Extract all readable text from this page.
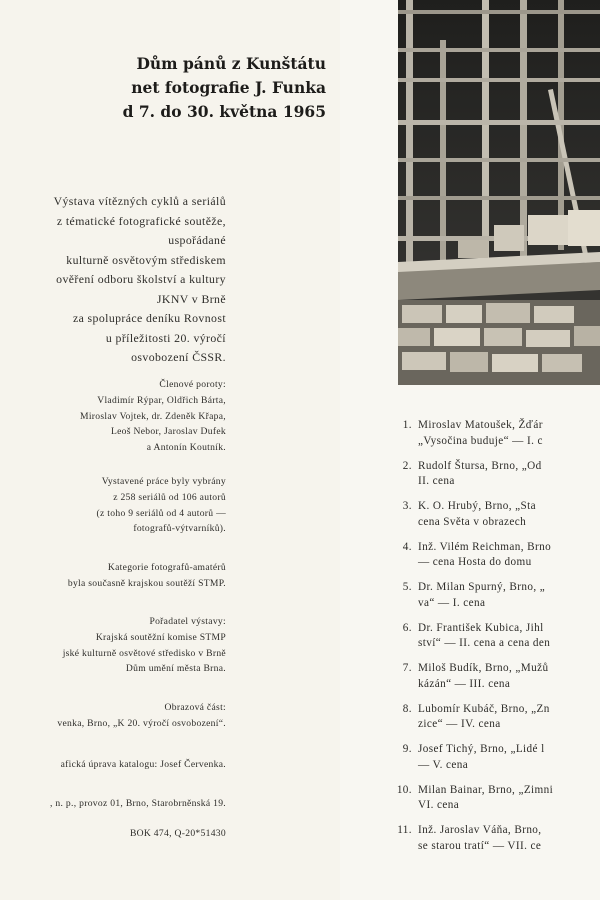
Dům pánů z Kunštátu
net fotografie J. Funka
d 7. do 30. května 1965
Výstava vítězných cyklů a seriálů
z tématické fotografické soutěže,
uspořádané
kulturně osvětovým střediskem
ověření odboru školství a kultury
JKNV v Brně
za spolupráce deníku Rovnost
u příležitosti 20. výročí
osvobození ČSSR.
Členové poroty:
Vladimír Rýpar, Oldřich Bárta,
Miroslav Vojtek, dr. Zdeněk Křapa,
Leoš Nebor, Jaroslav Dufek
a Antonín Koutník.
Vystavené práce byly vybrány
z 258 seriálů od 106 autorů
(z toho 9 seriálů od 4 autorů —
fotografů-výtvarníků).
Kategorie fotografů-amatérů
byla současně krajskou soutěží STMP.
Pořadatel výstavy:
Krajská soutěžní komise STMP
jské kulturně osvětové středisko v Brně
Dům umění města Brna.
Obrazová část:
venka, Brno, „K 20. výročí osvobození“.
afická úprava katalogu: Josef Červenka.
, n. p., provoz 01, Brno, Starobrněnská 19.
BOK 474, Q-20*51430
1. Miroslav Matoušek, Žďár
„Vysočina buduje“ — I. c
2. Rudolf Štursa, Brno, „Od
II. cena
3. K. O. Hrubý, Brno, „Sta
cena Světa v obrazech
4. Inž. Vilém Reichman, Brno
— cena Hosta do domu
5. Dr. Milan Spurný, Brno, „
va“ — I. cena
6. Dr. František Kubica, Jihl
ství“ — II. cena a cena den
7. Miloš Budík, Brno, „Mužů
kázán“ — III. cena
8. Lubomír Kubáč, Brno, „Zn
zice“ — IV. cena
9. Josef Tichý, Brno, „Lidé l
— V. cena
10. Milan Bainar, Brno, „Zimni
VI. cena
11. Inž. Jaroslav Váňa, Brno,
se starou tratí“ — VII. ce
